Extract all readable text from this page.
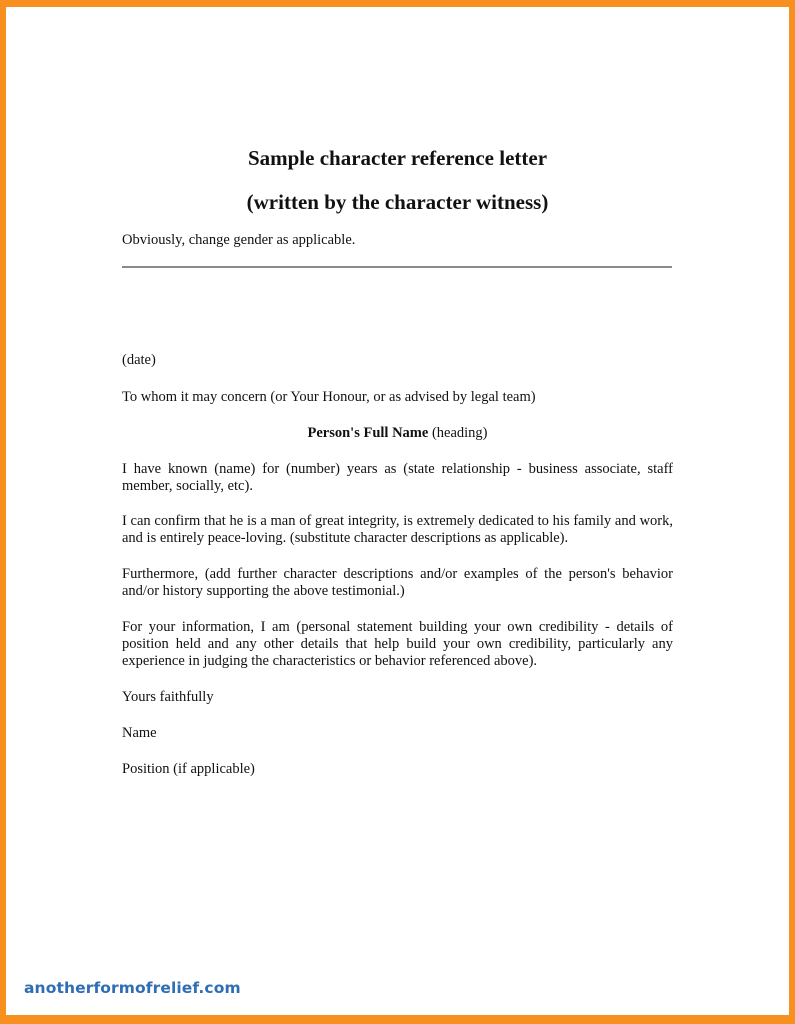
Sample character reference letter
(written by the character witness)
Obviously, change gender as applicable.
(date)
To whom it may concern (or Your Honour, or as advised by legal team)
Person's Full Name (heading)
I have known (name) for (number) years as (state relationship - business associate, staff member, socially, etc).
I can confirm that he is a man of great integrity, is extremely dedicated to his family and work, and is entirely peace-loving. (substitute character descriptions as applicable).
Furthermore, (add further character descriptions and/or examples of the person's behavior and/or history supporting the above testimonial.)
For your information, I am (personal statement building your own credibility - details of position held and any other details that help build your own credibility, particularly any experience in judging the characteristics or behavior referenced above).
Yours faithfully
Name
Position (if applicable)
anotherformofrelief.com
